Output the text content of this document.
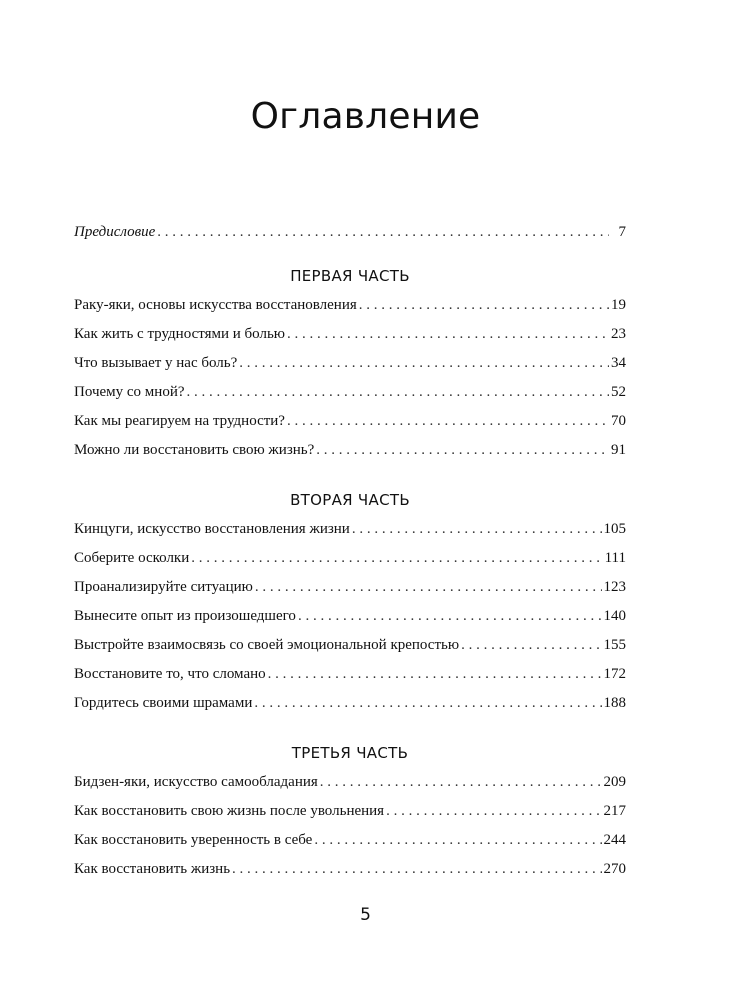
Оглавление
Предисловие . . .	7
ПЕРВАЯ ЧАСТЬ
Раку-яки, основы искусства восстановления . . .	19
Как жить с трудностями и болью . . .	23
Что вызывает у нас боль? . . .	34
Почему со мной? . . .	52
Как мы реагируем на трудности? . . .	70
Можно ли восстановить свою жизнь? . . .	91
ВТОРАЯ ЧАСТЬ
Кинцуги, искусство восстановления жизни . . .	105
Соберите осколки . . .	111
Проанализируйте ситуацию . . .	123
Вынесите опыт из произошедшего . . .	140
Выстройте взаимосвязь со своей эмоциональной крепостью . . .	155
Восстановите то, что сломано . . .	172
Гордитесь своими шрамами . . .	188
ТРЕТЬЯ ЧАСТЬ
Бидзен-яки, искусство самообладания . . .	209
Как восстановить свою жизнь после увольнения . . .	217
Как восстановить уверенность в себе . . .	244
Как восстановить жизнь . . .	270
5
